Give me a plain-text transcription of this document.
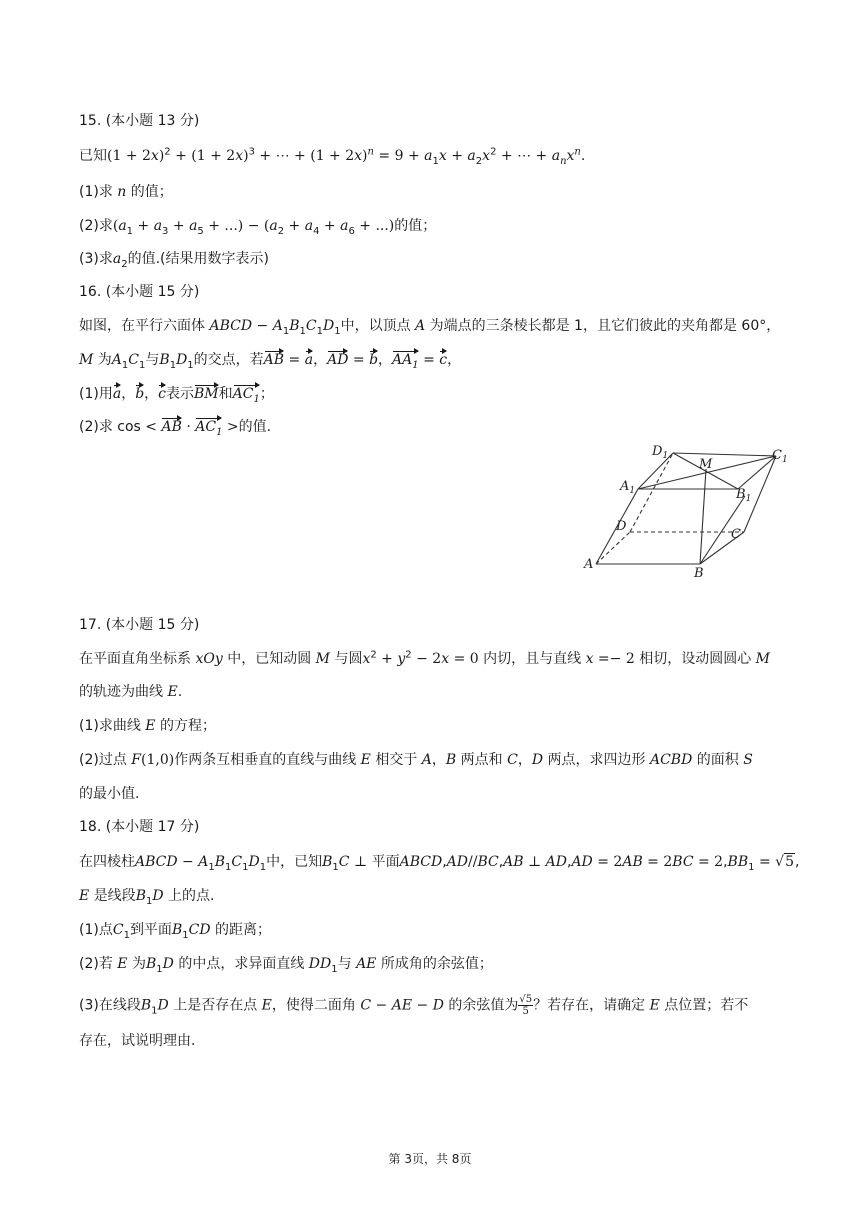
15. (本小题 13 分)
已知$(1 + 2x)^2 + (1 + 2x)^3$ + ⋯ + $(1 + 2x)^n = 9 + a_1x + a_2x^2$ + ⋯ + $a_nx^n$.
(1)求 n 的值；
(2)求($a_1 + a_3 + a_5$ + ...) − ($a_2 + a_4 + a_6$ + ...)的值；
(3)求$a_2$的值.(结果用数字表示)
16. (本小题 15 分)
如图，在平行六面体 ABCD − $A_1B_1C_1D_1$中，以顶点 A 为端点的三条棱长都是 1，且它们彼此的夹角都是 60°，
M 为$A_1C_1$与$B_1D_1$的交点，若AB = a，AD = b，$AA_1 = c$，
(1)用a，b，c表示BM和$AC_1$；
(2)求 cos < AB · $AC_1$ >的值.
A
B
C
D
$A_1$	$B_1$
$C_1$
$D_1$
M
17. (本小题 15 分)
在平面直角坐标系 xOy 中，已知动圆 M 与圆$x^2 + y^2 - 2x = 0$ 内切，且与直线 x =− 2 相切，设动圆圆心 M
的轨迹为曲线 E.
(1)求曲线 E 的方程；
(2)过点 F(1,0)作两条互相垂直的直线与曲线 E 相交于 A，B 两点和 C，D 两点，求四边形 ACBD 的面积 S
的最小值.
18. (本小题 17 分)
在四棱柱ABCD − $A_1B_1C_1D_1$中，已知$B_1C$ ⊥ 平面ABCD,AD//BC,AB ⊥ $AD,AD = 2AB = 2BC = 2,BB_1 = √5$,
E 是线段$B_1D$ 上的点.
(1)点$C_1$到平面$B_1CD$ 的距离；
(2)若 E 为$B_1D$ 的中点，求异面直线 $DD_1$与 AE 所成角的余弦值；
(3)在线段$B_1D$ 上是否存在点 E，使得二面角 C − AE − D 的余弦值为 $\frac{√5}{5}$ ？若存在，请确定 E 点位置；若不
存在，试说明理由.
第 3页，共 8页
